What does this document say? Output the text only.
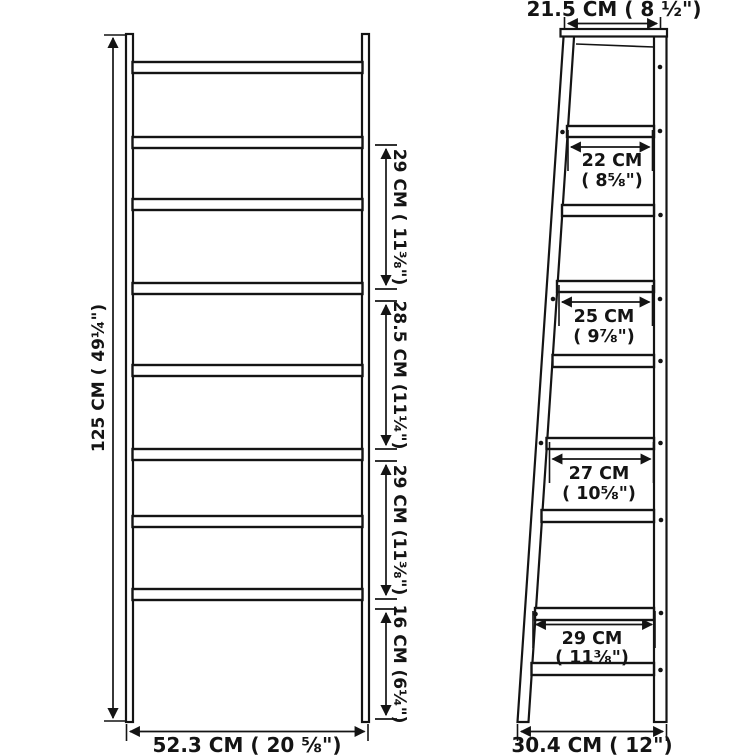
125 CM ( 49¼")
29 CM ( 11⅜")
28.5 CM (11¼")
29 CM (11⅜")
16 CM (6¼")
52.3 CM ( 20 ⅝")
21.5 CM ( 8 ½")
22 CM
( 8⅝")
25 CM
( 9⅞")
27 CM
( 10⅝")
29 CM
( 11⅜")
30.4 CM ( 12")
